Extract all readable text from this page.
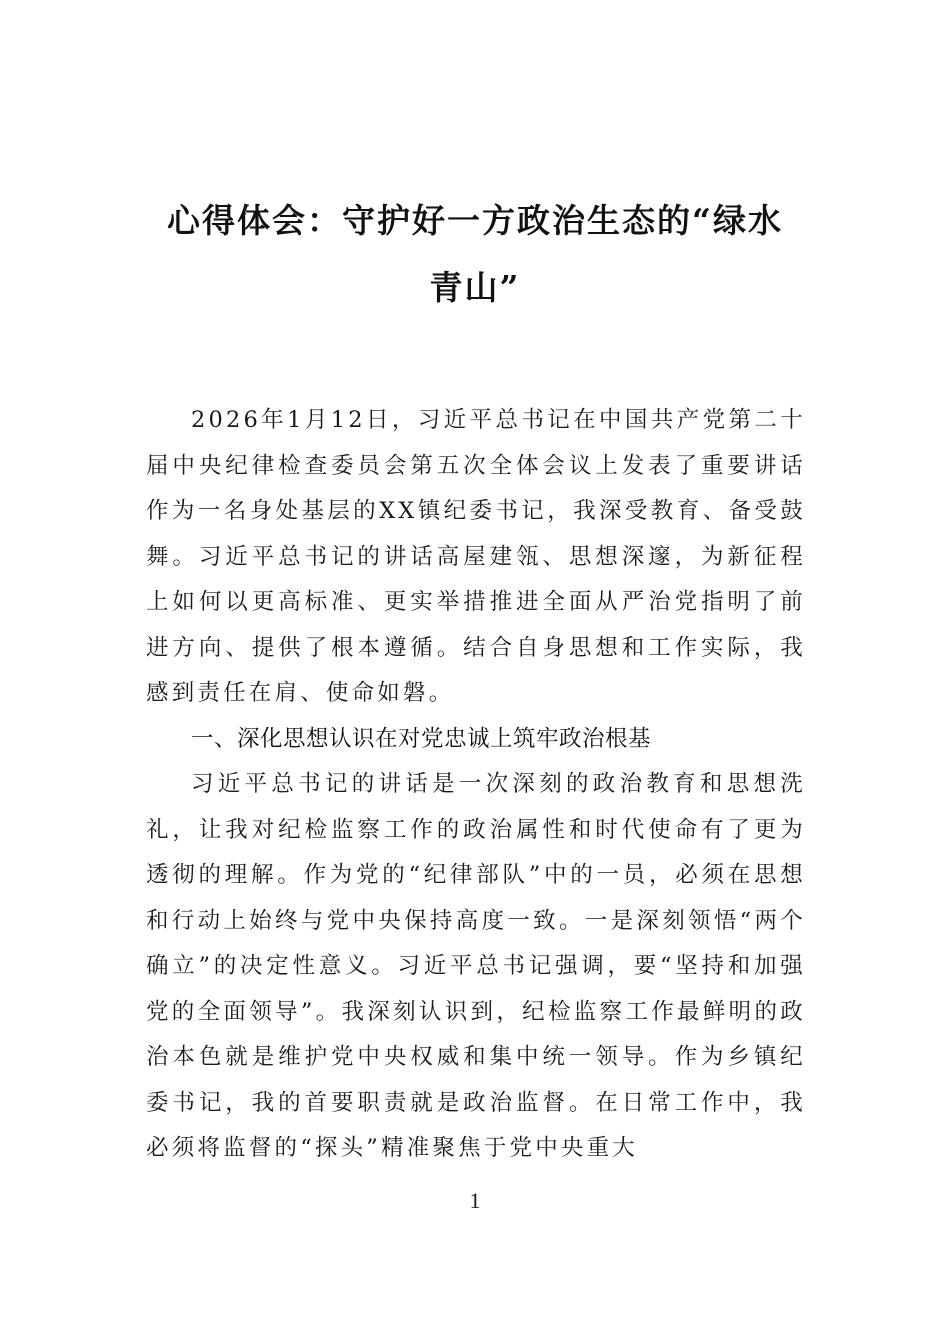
心得体会：守护好一方政治生态的“绿水
青山”

2026年1月12日，习近平总书记在中国共产党第二十届中央纪律检查委员会第五次全体会议上发表了重要讲话作为一名身处基层的XX镇纪委书记，我深受教育、备受鼓舞。习近平总书记的讲话高屋建瓴、思想深邃，为新征程上如何以更高标准、更实举措推进全面从严治党指明了前进方向、提供了根本遵循。结合自身思想和工作实际，我感到责任在肩、使命如磐。

一、深化思想认识在对党忠诚上筑牢政治根基

习近平总书记的讲话是一次深刻的政治教育和思想洗礼，让我对纪检监察工作的政治属性和时代使命有了更为透彻的理解。作为党的“纪律部队”中的一员，必须在思想和行动上始终与党中央保持高度一致。一是深刻领悟“两个确立”的决定性意义。习近平总书记强调，要“坚持和加强党的全面领导”。我深刻认识到，纪检监察工作最鲜明的政治本色就是维护党中央权威和集中统一领导。作为乡镇纪委书记，我的首要职责就是政治监督。在日常工作中，我必须将监督的“探头”精准聚焦于党中央重大

1
